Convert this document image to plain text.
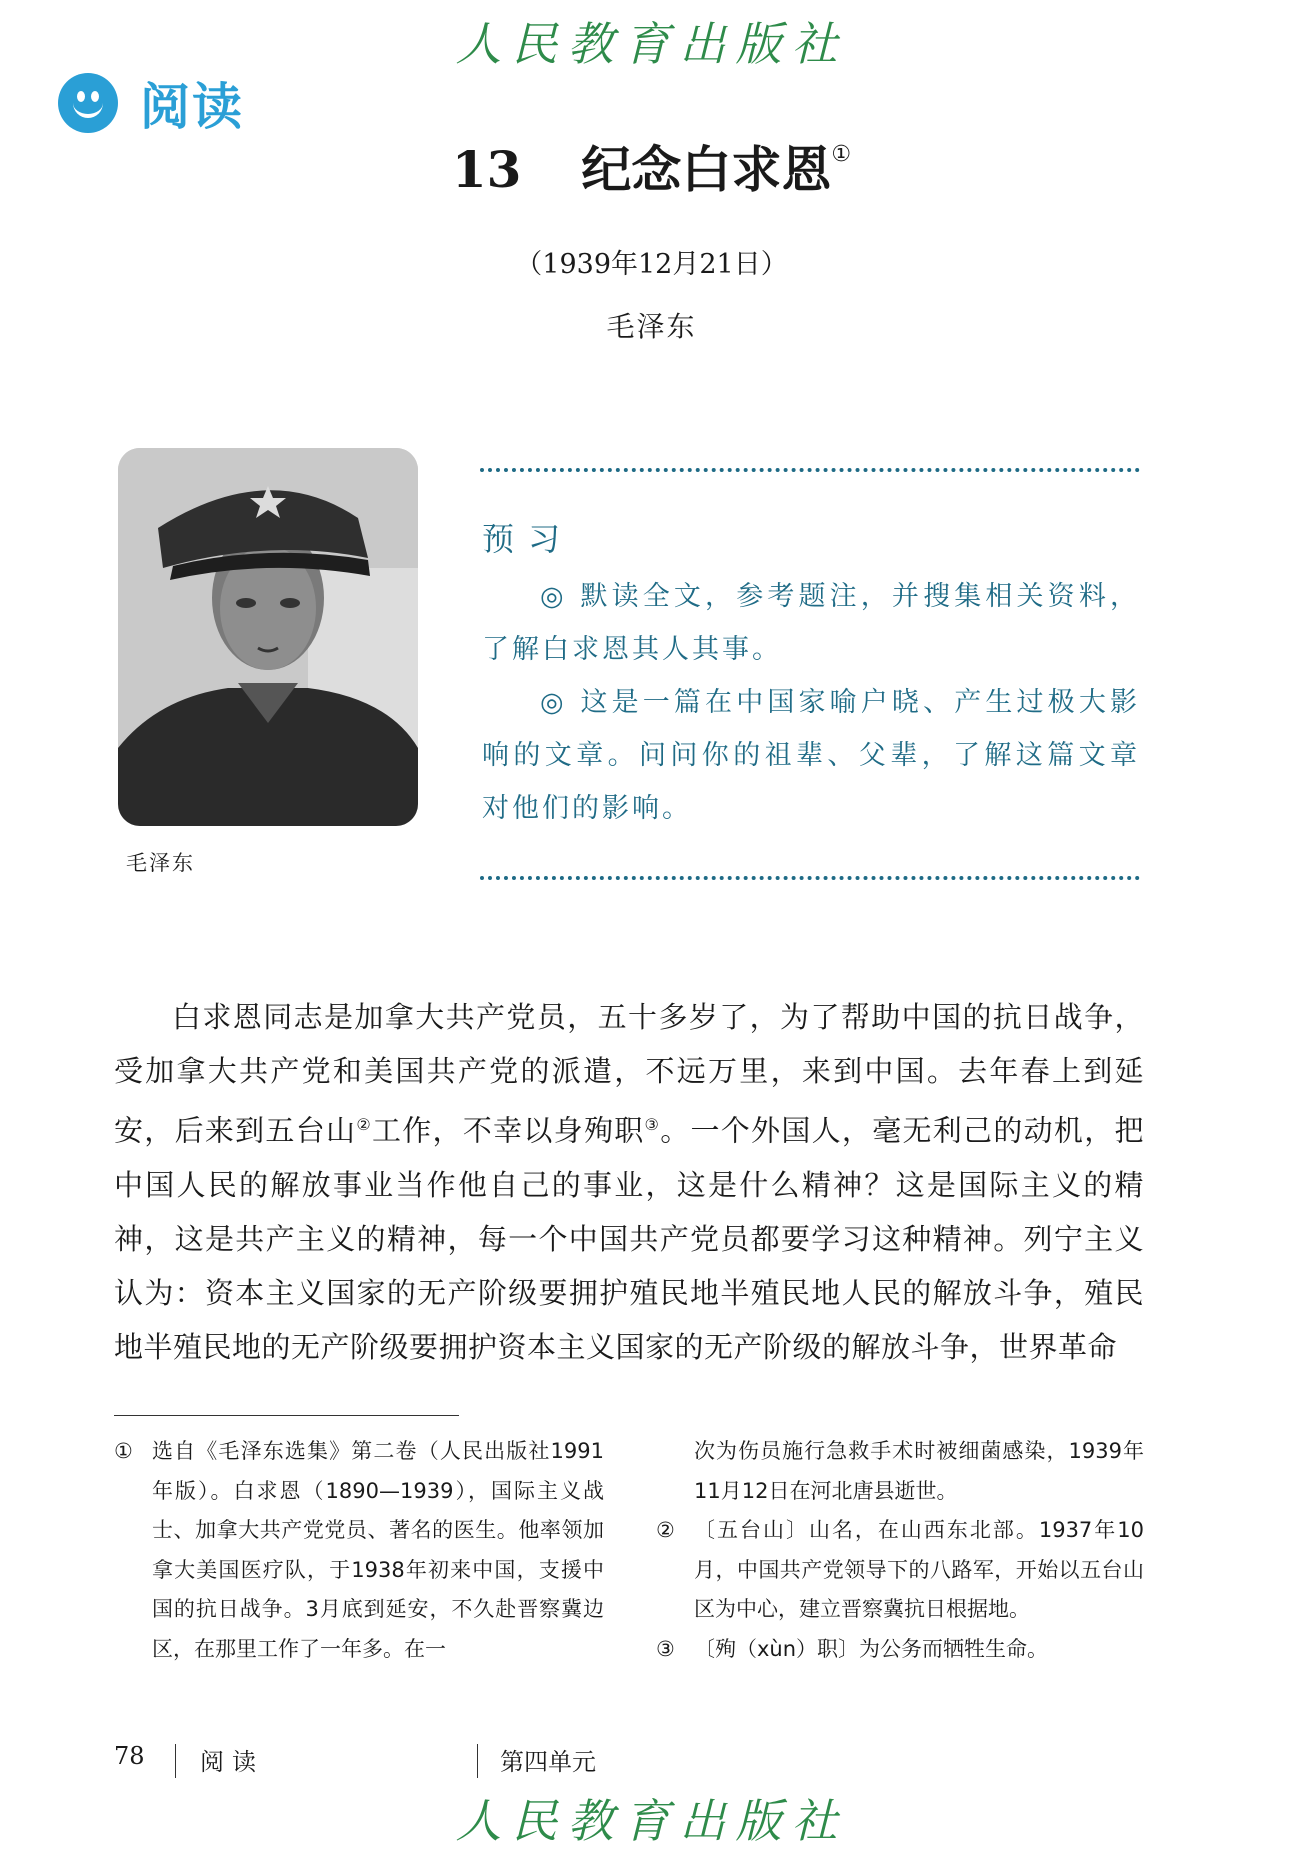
人民教育出版社
阅读
13 纪念白求恩①
（1939年12月21日）
毛泽东
毛泽东
预习

◎ 默读全文，参考题注，并搜集相关资料，了解白求恩其人其事。

◎ 这是一篇在中国家喻户晓、产生过极大影响的文章。问问你的祖辈、父辈，了解这篇文章对他们的影响。

白求恩同志是加拿大共产党员，五十多岁了，为了帮助中国的抗日战争，受加拿大共产党和美国共产党的派遣，不远万里，来到中国。去年春上到延安，后来到五台山②工作，不幸以身殉职③。一个外国人，毫无利己的动机，把中国人民的解放事业当作他自己的事业，这是什么精神？这是国际主义的精神，这是共产主义的精神，每一个中国共产党员都要学习这种精神。列宁主义认为：资本主义国家的无产阶级要拥护殖民地半殖民地人民的解放斗争，殖民地半殖民地的无产阶级要拥护资本主义国家的无产阶级的解放斗争，世界革命

① 选自《毛泽东选集》第二卷（人民出版社1991年版）。白求恩（1890—1939），国际主义战士、加拿大共产党党员、著名的医生。他率领加拿大美国医疗队，于1938年初来中国，支援中国的抗日战争。3月底到延安，不久赴晋察冀边区，在那里工作了一年多。在一
次为伤员施行急救手术时被细菌感染，1939年11月12日在河北唐县逝世。
② 〔五台山〕山名，在山西东北部。1937年10月，中国共产党领导下的八路军，开始以五台山区为中心，建立晋察冀抗日根据地。
③ 〔殉（xùn）职〕为公务而牺牲生命。
78 阅读	第四单元
人民教育出版社
